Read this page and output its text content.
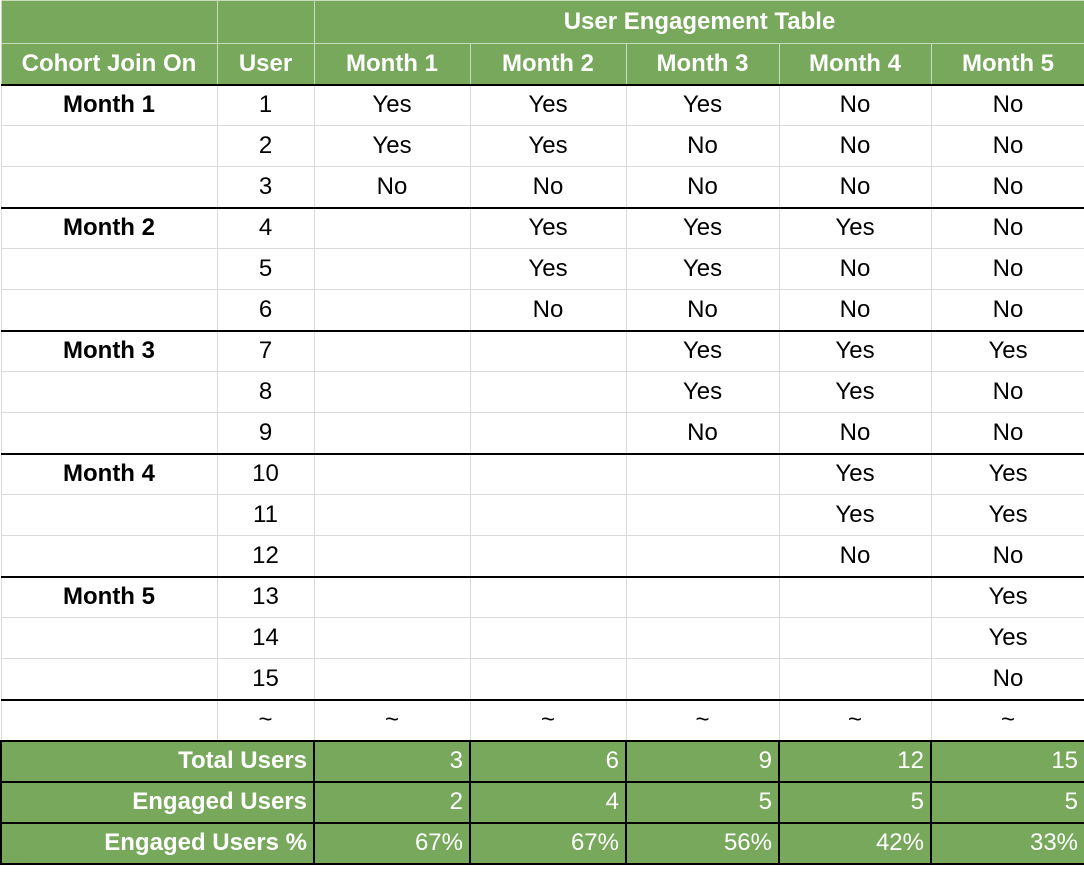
		User Engagement Table				
Cohort Join On	User	Month 1	Month 2	Month 3	Month 4	Month 5
Month 1	1	Yes	Yes	Yes	No	No
	2	Yes	Yes	No	No	No
	3	No	No	No	No	No
Month 2	4		Yes	Yes	Yes	No
	5		Yes	Yes	No	No
	6		No	No	No	No
Month 3	7			Yes	Yes	Yes
	8			Yes	Yes	No
	9			No	No	No
Month 4	10				Yes	Yes
	11				Yes	Yes
	12				No	No
Month 5	13					Yes
	14					Yes
	15					No
	~	~	~	~	~	~
Total Users		3	6	9	12	15
Engaged Users		2	4	5	5	5
Engaged Users %		67%	67%	56%	42%	33%
